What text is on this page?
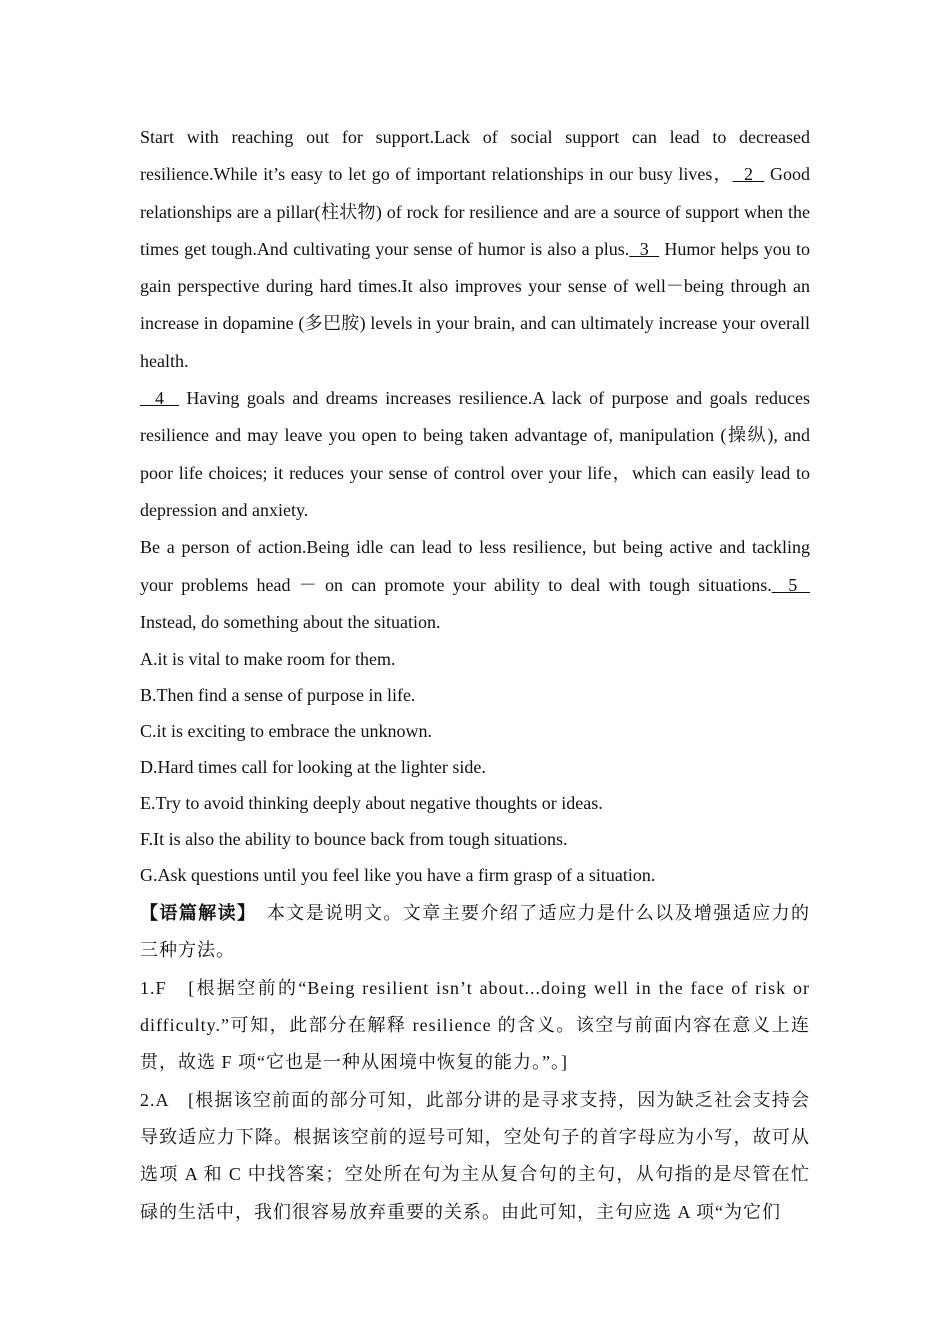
Start with reaching out for support.Lack of social support can lead to decreased resilience.While it’s easy to let go of important relationships in our busy lives，  2   Good relationships are a pillar(柱状物) of rock for resilience and are a source of support when the times get tough.And cultivating your sense of humor is also a plus.  3   Humor helps you to gain perspective during hard times.It also improves your sense of well－being through an increase in dopamine (多巴胺) levels in your brain, and can ultimately increase your overall health.

4   Having goals and dreams increases resilience.A lack of purpose and goals reduces resilience and may leave you open to being taken advantage of, manipulation (操纵), and poor life choices; it reduces your sense of control over your life，which can easily lead to depression and anxiety.

Be a person of action.Being idle can lead to less resilience, but being active and tackling your problems head － on can promote your ability to deal with tough situations.  5   Instead, do something about the situation.

A.it is vital to make room for them.

B.Then find a sense of purpose in life.

C.it is exciting to embrace the unknown.

D.Hard times call for looking at the lighter side.

E.Try to avoid thinking deeply about negative thoughts or ideas.

F.It is also the ability to bounce back from tough situations.

G.Ask questions until you feel like you have a firm grasp of a situation.

【语篇解读】　本文是说明文。文章主要介绍了适应力是什么以及增强适应力的三种方法。

1.F　[根据空前的“Being resilient isn’t about...doing well in the face of risk or difficulty.”可知，此部分在解释 resilience 的含义。该空与前面内容在意义上连贯，故选 F 项“它也是一种从困境中恢复的能力。”。]

2.A　[根据该空前面的部分可知，此部分讲的是寻求支持，因为缺乏社会支持会导致适应力下降。根据该空前的逗号可知，空处句子的首字母应为小写，故可从选项 A 和 C 中找答案；空处所在句为主从复合句的主句，从句指的是尽管在忙碌的生活中，我们很容易放弃重要的关系。由此可知，主句应选 A 项“为它们
